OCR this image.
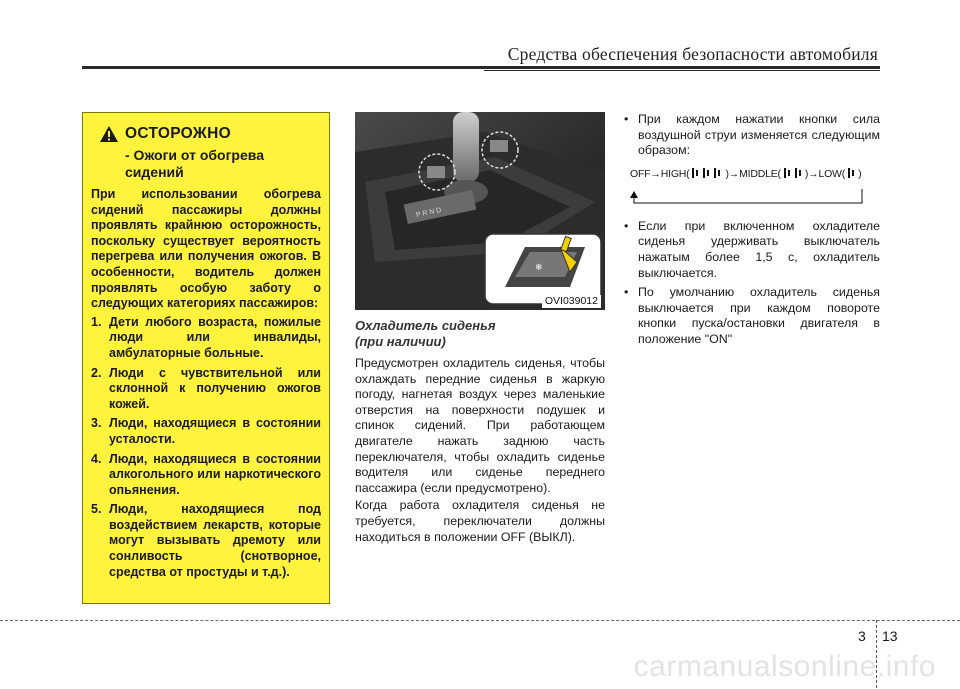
Средства обеспечения безопасности автомобиля
ОСТОРОЖНО
- Ожоги от обогрева сидений
При использовании обогрева сидений пассажиры должны проявлять крайнюю осторожность, поскольку существует вероятность перегрева или получения ожогов. В особенности, водитель должен проявлять особую заботу о следующих категориях пассажиров:
1. Дети любого возраста, пожилые люди или инвалиды, амбулаторные больные.
2. Люди с чувствительной или склонной к получению ожогов кожей.
3. Люди, находящиеся в состоянии усталости.
4. Люди, находящиеся в состоянии алкогольного или наркотического опьянения.
5. Люди, находящиеся под воздействием лекарств, которые могут вызывать дремоту или сонливость (снотворное, средства от простуды и т.д.).
P R N D
❄
OVI039012
Охладитель сиденья
(при наличии)

Предусмотрен охладитель сиденья, чтобы охлаждать передние сиденья в жаркую погоду, нагнетая воздух через маленькие отверстия на поверхности подушек и спинок сидений. При работающем двигателе нажать заднюю часть переключателя, чтобы охладить сиденье водителя или сиденье переднего пассажира (если предусмотрено).

Когда работа охладителя сиденья не требуется, переключатели должны находиться в положении OFF (ВЫКЛ).

• При каждом нажатии кнопки сила воздушной струи изменяется следующим образом:
OFF→HIGH(	)→MIDDLE( )→LOW( )
• Если при включенном охладителе сиденья удерживать выключатель нажатым более 1,5 с, охладитель выключается.
• По умолчанию охладитель сиденья выключается при каждом повороте кнопки пуска/остановки двигателя в положение "ON"
3 13
carmanualsonline.info
